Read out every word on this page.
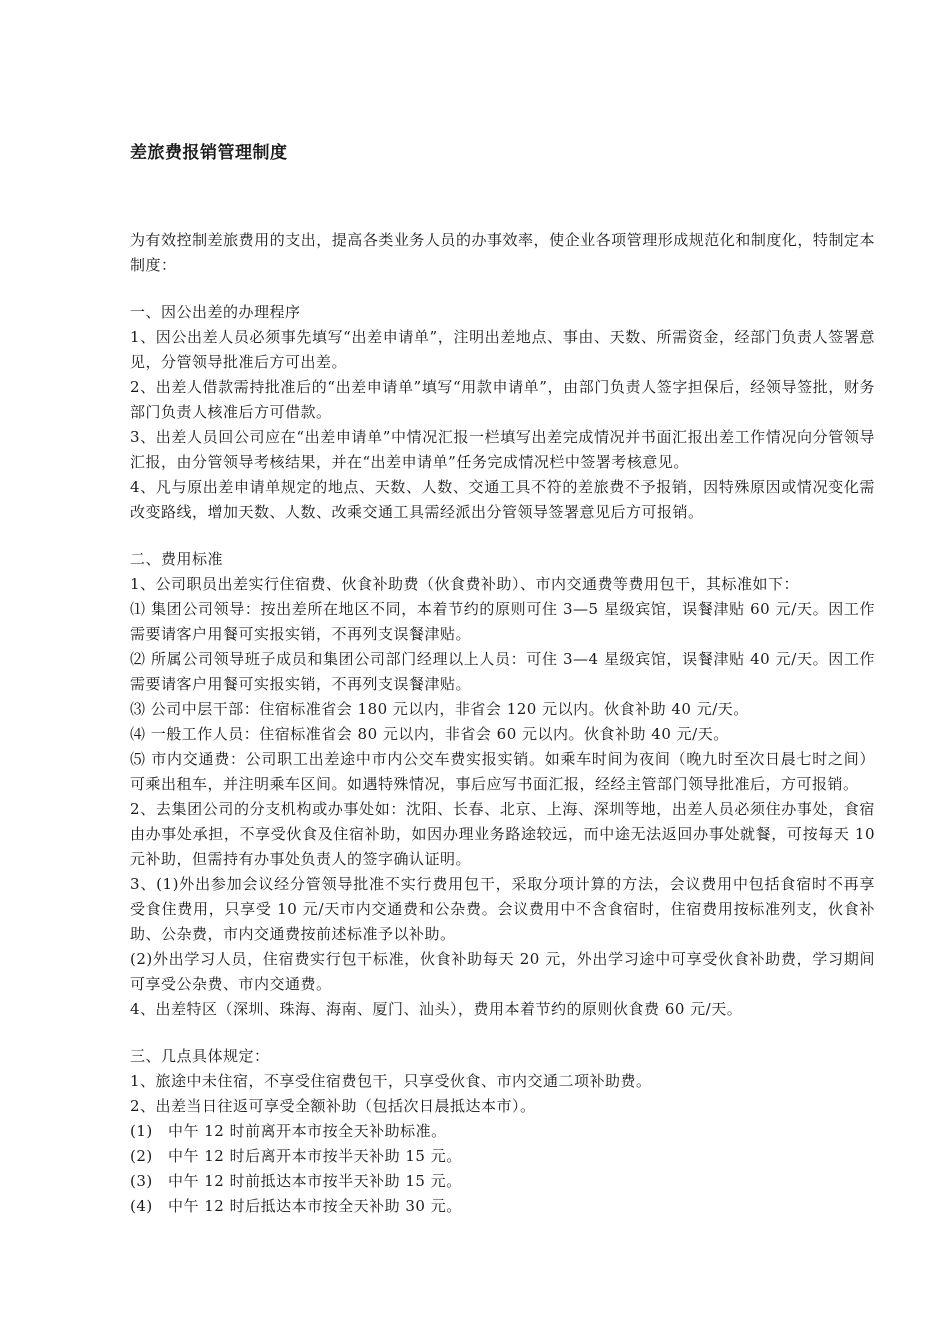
差旅费报销管理制度

为有效控制差旅费用的支出，提高各类业务人员的办事效率，使企业各项管理形成规范化和制度化，特制定本制度：

一、因公出差的办理程序

1、因公出差人员必须事先填写“出差申请单”，注明出差地点、事由、天数、所需资金，经部门负责人签署意见，分管领导批准后方可出差。

2、出差人借款需持批准后的“出差申请单”填写“用款申请单”，由部门负责人签字担保后，经领导签批，财务部门负责人核准后方可借款。

3、出差人员回公司应在“出差申请单”中情况汇报一栏填写出差完成情况并书面汇报出差工作情况向分管领导汇报，由分管领导考核结果，并在“出差申请单”任务完成情况栏中签署考核意见。

4、凡与原出差申请单规定的地点、天数、人数、交通工具不符的差旅费不予报销，因特殊原因或情况变化需改变路线，增加天数、人数、改乘交通工具需经派出分管领导签署意见后方可报销。

二、费用标准

1、公司职员出差实行住宿费、伙食补助费（伙食费补助）、市内交通费等费用包干，其标准如下：

⑴ 集团公司领导：按出差所在地区不同，本着节约的原则可住 3—5 星级宾馆，误餐津贴 60 元/天。因工作需要请客户用餐可实报实销，不再列支误餐津贴。

⑵ 所属公司领导班子成员和集团公司部门经理以上人员：可住 3—4 星级宾馆，误餐津贴 40 元/天。因工作需要请客户用餐可实报实销，不再列支误餐津贴。

⑶ 公司中层干部：住宿标准省会 180 元以内，非省会 120 元以内。伙食补助 40 元/天。

⑷ 一般工作人员：住宿标准省会 80 元以内，非省会 60 元以内。伙食补助 40 元/天。

⑸ 市内交通费：公司职工出差途中市内公交车费实报实销。如乘车时间为夜间（晚九时至次日晨七时之间）可乘出租车，并注明乘车区间。如遇特殊情况，事后应写书面汇报，经经主管部门领导批准后，方可报销。

2、去集团公司的分支机构或办事处如：沈阳、长春、北京、上海、深圳等地，出差人员必须住办事处，食宿由办事处承担，不享受伙食及住宿补助，如因办理业务路途较远，而中途无法返回办事处就餐，可按每天 10 元补助，但需持有办事处负责人的签字确认证明。

3、(1)外出参加会议经分管领导批准不实行费用包干，采取分项计算的方法，会议费用中包括食宿时不再享受食住费用，只享受 10 元/天市内交通费和公杂费。会议费用中不含食宿时，住宿费用按标准列支，伙食补助、公杂费，市内交通费按前述标准予以补助。

(2)外出学习人员，住宿费实行包干标准，伙食补助每天 20 元，外出学习途中可享受伙食补助费，学习期间可享受公杂费、市内交通费。

4、出差特区（深圳、珠海、海南、厦门、汕头），费用本着节约的原则伙食费 60 元/天。

三、几点具体规定：

1、旅途中未住宿，不享受住宿费包干，只享受伙食、市内交通二项补助费。

2、出差当日往返可享受全额补助（包括次日晨抵达本市）。

(1)	中午 12 时前离开本市按全天补助标准。
(2)	中午 12 时后离开本市按半天补助 15 元。
(3)	中午 12 时前抵达本市按半天补助 15 元。
(4)	中午 12 时后抵达本市按全天补助 30 元。
